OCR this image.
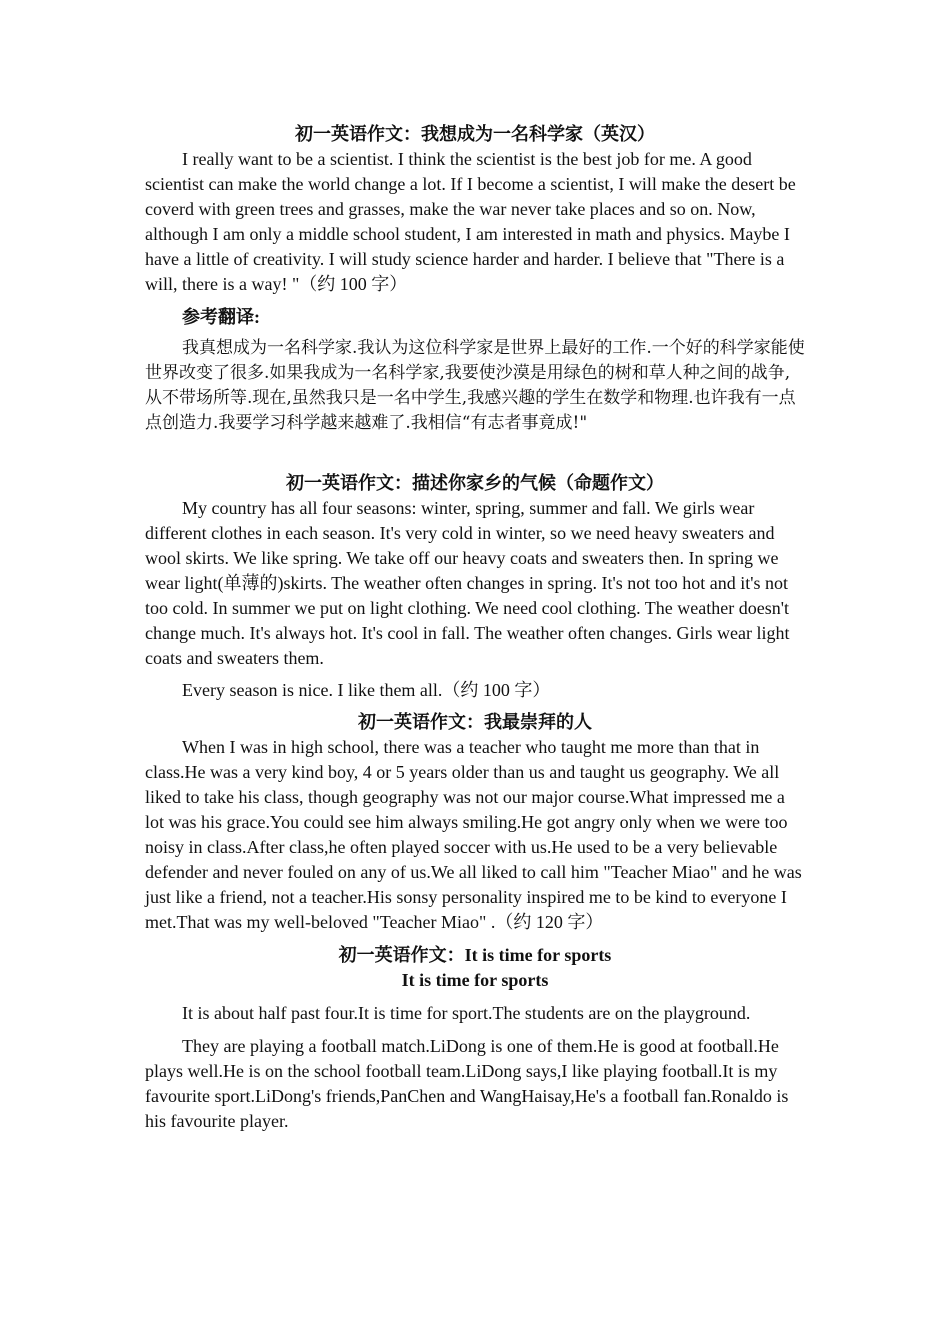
初一英语作文：我想成为一名科学家（英汉）

I really want to be a scientist. I think the scientist is the best job for me. A good scientist can make the world change a lot. If I become a scientist, I will make the desert be coverd with green trees and grasses, make the war never take places and so on. Now, although I am only a middle school student, I am interested in math and physics. Maybe I have a little of creativity. I will study science harder and harder. I believe that "There is a will, there is a way! "（约 100 字）

参考翻译:

我真想成为一名科学家.我认为这位科学家是世界上最好的工作.一个好的科学家能使世界改变了很多.如果我成为一名科学家,我要使沙漠是用绿色的树和草人种之间的战争,从不带场所等.现在,虽然我只是一名中学生,我感兴趣的学生在数学和物理.也许我有一点点创造力.我要学习科学越来越难了.我相信“有志者事竟成!"

初一英语作文：描述你家乡的气候（命题作文）

My country has all four seasons: winter, spring, summer and fall. We girls wear different clothes in each season. It's very cold in winter, so we need heavy sweaters and wool skirts. We like spring. We take off our heavy coats and sweaters then. In spring we wear light(单薄的)skirts. The weather often changes in spring. It's not too hot and it's not too cold. In summer we put on light clothing. We need cool clothing. The weather doesn't change much. It's always hot. It's cool in fall. The weather often changes. Girls wear light coats and sweaters them.

Every season is nice. I like them all.（约 100 字）

初一英语作文：我最崇拜的人

When I was in high school, there was a teacher who taught me more than that in class.He was a very kind boy, 4 or 5 years older than us and taught us geography. We all liked to take his class, though geography was not our major course.What impressed me a lot was his grace.You could see him always smiling.He got angry only when we were too noisy in class.After class,he often played soccer with us.He used to be a very believable defender and never fouled on any of us.We all liked to call him "Teacher Miao" and he was just like a friend, not a teacher.His sonsy personality inspired me to be kind to everyone I met.That was my well-beloved "Teacher Miao" .（约 120 字）

初一英语作文：It is time for sports

It is time for sports

It is about half past four.It is time for sport.The students are on the playground.

They are playing a football match.LiDong is one of them.He is good at football.He plays well.He is on the school football team.LiDong says,I like playing football.It is my favourite sport.LiDong's friends,PanChen and WangHaisay,He's a football fan.Ronaldo is his favourite player.
